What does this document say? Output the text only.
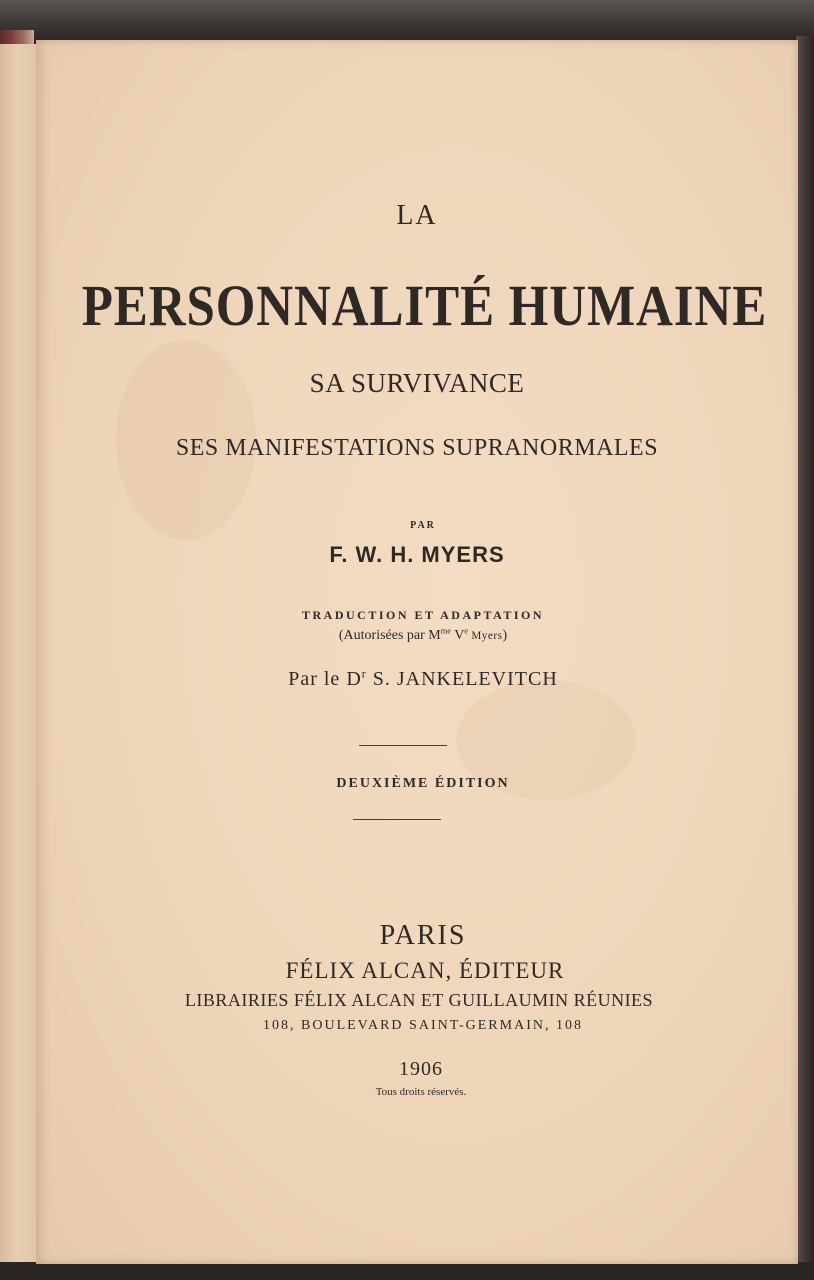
LA

PERSONNALITÉ HUMAINE

SA SURVIVANCE

SES MANIFESTATIONS SUPRANORMALES

PAR

F. W. H. MYERS

TRADUCTION ET ADAPTATION

(Autorisées par $M^{me}$ Ve Myers)

Par le $D^r$ S. JANKELEVITCH

DEUXIÈME ÉDITION

PARIS

FÉLIX ALCAN, ÉDITEUR

LIBRAIRIES FÉLIX ALCAN ET GUILLAUMIN RÉUNIES

108, BOULEVARD SAINT-GERMAIN, 108

1906

Tous droits réservés.
